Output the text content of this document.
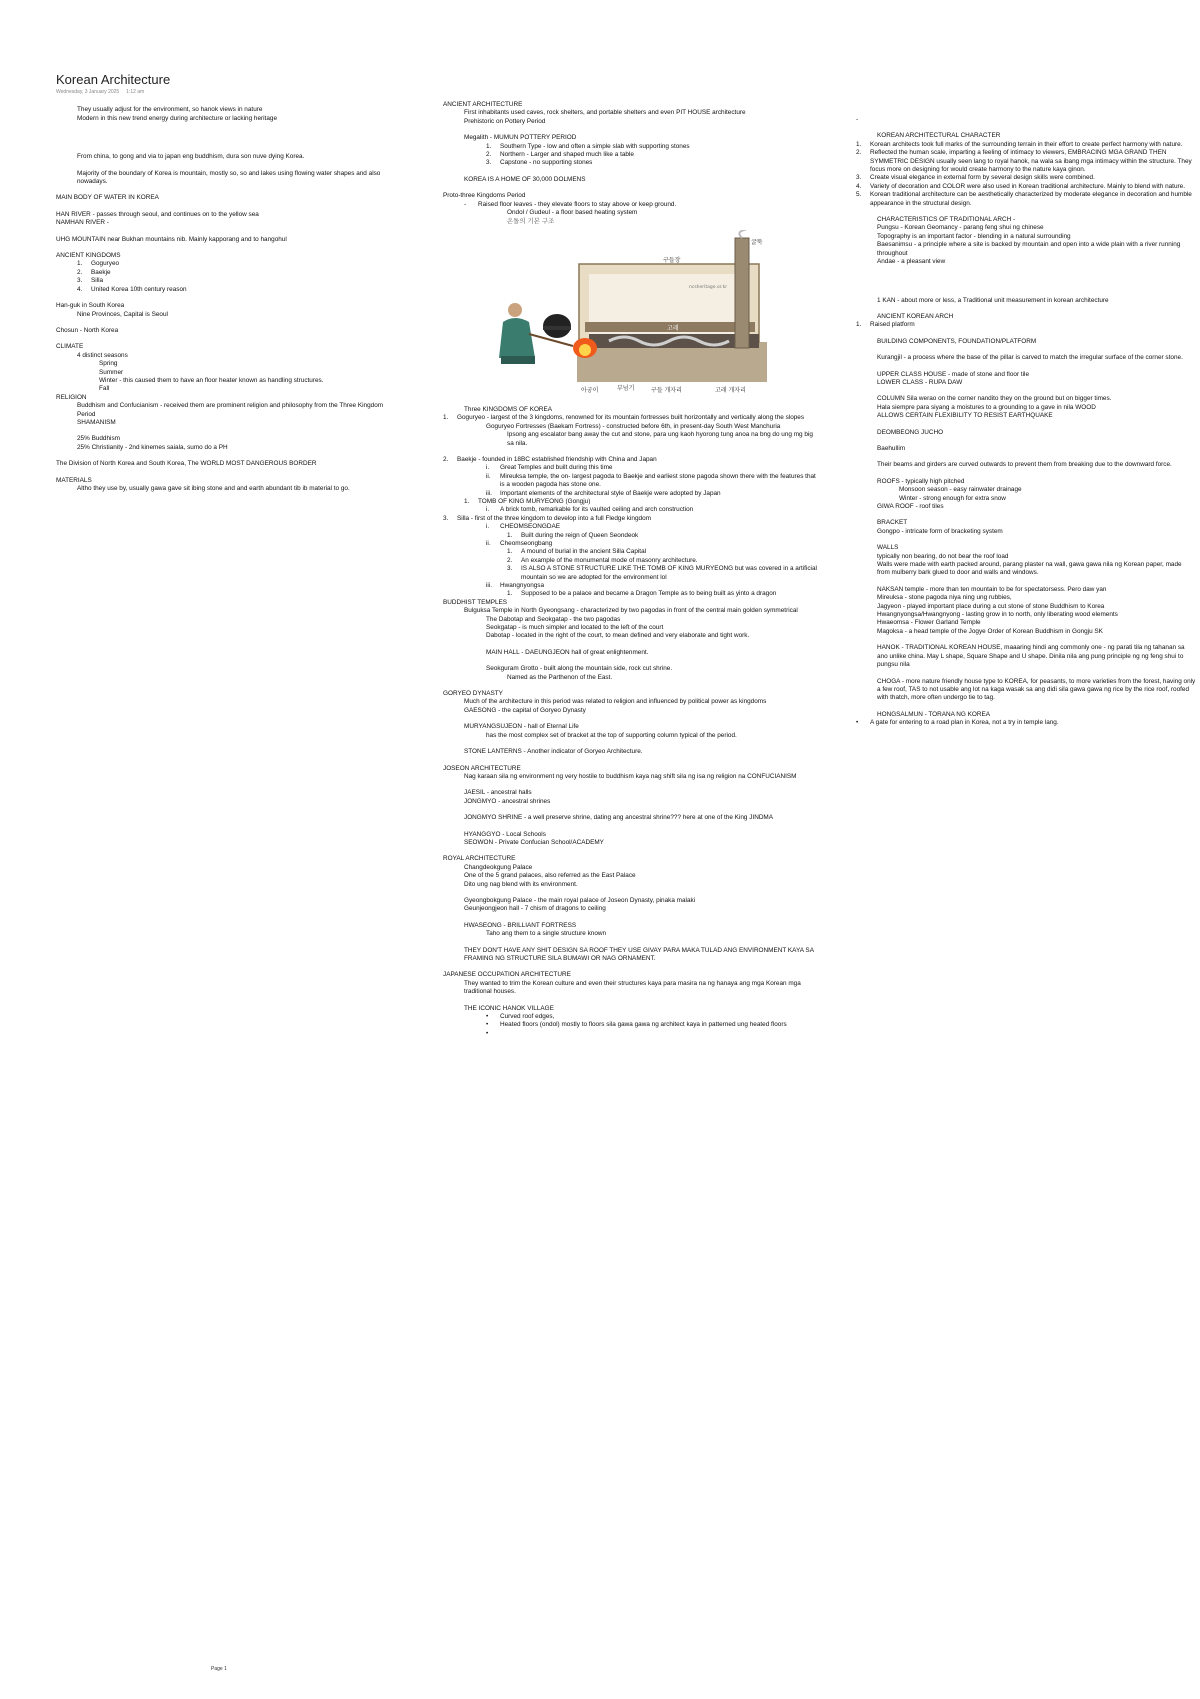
Korean Architecture
Wednesday, 3 January 2025 1:12 am

They usually adjust for the environment, so hanok views in nature

Modern in this new trend energy during architecture or lacking heritage

From china, to gong and via to japan eng buddhism, dura son nuve dying Korea.

Majority of the boundary of Korea is mountain, mostly so, so and lakes using flowing water shapes and also nowadays.

MAIN BODY OF WATER IN KOREA

HAN RIVER - passes through seoul, and continues on to the yellow sea

NAMHAN RIVER -

UHG MOUNTAIN near Bukhan mountains nib. Mainly kapporang and to hangohul

ANCIENT KINGDOMS

1.	Goguryeo
2.	Baekje
3.	Silla
4.	United Korea 10th century reason

Han-guk in South Korea

Nine Provinces, Capital is Seoul

Chosun - North Korea

CLIMATE

4 distinct seasons

Spring

Summer

Winter - this caused them to have an floor heater known as handling structures.

Fall

RELIGION

Buddhism and Confucianism - received them are prominent religion and philosophy from the Three Kingdom Period

SHAMANISM

25% Buddhism

25% Christianity - 2nd kinemes saiala, sumo do a PH

The Division of North Korea and South Korea, The WORLD MOST DANGEROUS BORDER

MATERIALS

Altho they use by, usually gawa gave sit ibing stone and and earth abundant tib ib material to go.

ANCIENT ARCHITECTURE

First inhabitants used caves, rock shelters, and portable shelters and even PIT HOUSE architecture

Prehistoric on Pottery Period

Megalith - MUMUN POTTERY PERIOD

1.	Southern Type - low and often a simple slab with supporting stones
2.	Northern - Larger and shaped much like a table
3.	Capstone - no supporting stones

KOREA IS A HOME OF 30,000 DOLMENS

Proto-three Kingdoms Period

-	Raised floor leaves - they elevate floors to stay above or keep ground.

Ondol / Gudeul - a floor based heating system

온돌의 기본 구조

구들장
굴뚝
ncsheritage.or.kr
고래
아궁이	부넘기	구들 개자리	고래 개자리

Three KINGDOMS OF KOREA

1.	Goguryeo - largest of the 3 kingdoms, renowned for its mountain fortresses built horizontally and vertically along the slopes

Goguryeo Fortresses (Baekam Fortress) - constructed before 6th, in present-day South West Manchuria

Ipsong ang escalator bang away the cut and stone, para ung kaoh hyorong tung anoa na bng do ung mg big sa nila.

2.	Baekje - founded in 18BC established friendship with China and Japan
i.	Great Temples and built during this time
ii.	Mireuksa temple, the on- largest pagoda to Baekje and earliest stone pagoda shown there with the features that is a wooden pagoda has stone one.
iii.	Important elements of the architectural style of Baekje were adopted by Japan
1.	TOMB OF KING MURYEONG (Gongju)
i.	A brick tomb, remarkable for its vaulted ceiling and arch construction
3.	Silla - first of the three kingdom to develop into a full Fledge kingdom
i.	CHEOMSEONGDAE
1.	Built during the reign of Queen Seondeok
ii.	Cheomseongbang
1.	A mound of burial in the ancient Silla Capital
2.	An example of the monumental mode of masonry architecture.
3.	IS ALSO A STONE STRUCTURE LIKE THE TOMB OF KING MURYEONG but was covered in a artificial mountain so we are adopted for the environment lol
iii.	Hwangnyongsa
1.	Supposed to be a palace and became a Dragon Temple as to being built as yinto a dragon

BUDDHIST TEMPLES

Bulguksa Temple in North Gyeongsang - characterized by two pagodas in front of the central main golden symmetrical

The Dabotap and Seokgatap - the two pagodas

Seokgatap - is much simpler and located to the left of the court

Dabotap - located in the right of the court, to mean defined and very elaborate and tight work.

MAIN HALL - DAEUNGJEON hall of great enlightenment.

Seokguram Grotto - built along the mountain side, rock cut shrine.

Named as the Parthenon of the East.

GORYEO DYNASTY

Much of the architecture in this period was related to religion and influenced by political power as kingdoms

GAESONG - the capital of Goryeo Dynasty

MURYANGSUJEON - hall of Eternal Life

has the most complex set of bracket at the top of supporting column typical of the period.

STONE LANTERNS - Another indicator of Goryeo Architecture.

JOSEON ARCHITECTURE

Nag karaan sila ng environment ng very hostile to buddhism kaya nag shift sila ng isa ng religion na CONFUCIANISM

JAESIL - ancestral halls

JONGMYO - ancestral shrines

JONGMYO SHRINE - a well preserve shrine, dating ang ancestral shrine??? here at one of the King JINDMA

HYANGGYO - Local Schools

SEOWON - Private Confucian School/ACADEMY

ROYAL ARCHITECTURE

Changdeokgung Palace

One of the 5 grand palaces, also referred as the East Palace

Dito ung nag blend with its environment.

Gyeongbokgung Palace - the main royal palace of Joseon Dynasty, pinaka malaki

Geunjeongjeon hall - 7 chism of dragons to ceiling

HWASEONG - BRILLIANT FORTRESS

Taho ang them to a single structure known

THEY DON'T HAVE ANY SHIT DESIGN SA ROOF THEY USE GIVAY PARA MAKA TULAD ANG ENVIRONMENT KAYA SA FRAMING NG STRUCTURE SILA BUMAWI OR NAG ORNAMENT.

JAPANESE OCCUPATION ARCHITECTURE

They wanted to trim the Korean culture and even their structures kaya para masira na ng hanaya ang mga Korean mga traditional houses.

THE ICONIC HANOK VILLAGE

•	Curved roof edges,
•	Heated floors (ondol) mostly to floors sila gawa gawa ng architect kaya in patterned ung heated floors
•

-

KOREAN ARCHITECTURAL CHARACTER

1.	Korean architects took full marks of the surrounding terrain in their effort to create perfect harmony with nature.
2.	Reflected the human scale, imparting a feeling of intimacy to viewers, EMBRACING MGA GRAND THEN SYMMETRIC DESIGN usually seen lang to royal hanok, na wala sa ibang mga intimacy within the structure. They focus more on designing for would create harmony to the nature kaya ginon.
3.	Create visual elegance in external form by several design skills were combined.
4.	Variety of decoration and COLOR were also used in Korean traditional architecture. Mainly to blend with nature.
5.	Korean traditional architecture can be aesthetically characterized by moderate elegance in decoration and humble appearance in the structural design.

CHARACTERISTICS OF TRADITIONAL ARCH -

Pungsu - Korean Geomancy - parang feng shui ng chinese

Topography is an important factor - blending in a natural surrounding

Baesanimsu - a principle where a site is backed by mountain and open into a wide plain with a river running throughout

Andae - a pleasant view

1 KAN - about more or less, a Traditional unit measurement in korean architecture

ANCIENT KOREAN ARCH

1.	Raised platform

BUILDING COMPONENTS, FOUNDATION/PLATFORM

Kurangjil - a process where the base of the pillar is carved to match the irregular surface of the corner stone.

UPPER CLASS HOUSE - made of stone and floor tile

LOWER CLASS - RUPA DAW

COLUMN Sila werao on the corner nandito they on the ground but on bigger times.

Hala siempre para siyang a moistures to a grounding to a gave in nila WOOD

ALLOWS CERTAIN FLEXIBILITY TO RESIST EARTHQUAKE

DEOMBEONG JUCHO

Baehullim

Their beams and girders are curved outwards to prevent them from breaking due to the downward force.

ROOFS - typically high pitched

Monsoon season - easy rainwater drainage

Winter - strong enough for extra snow

GIWA ROOF - roof tiles

BRACKET

Gongpo - intricate form of bracketing system

WALLS

typically non bearing, do not bear the roof load

Walls were made with earth packed around, parang plaster na wall, gawa gawa nila ng Korean paper, made from mulberry bark glued to door and walls and windows.

NAKSAN temple - more than ten mountain to be for spectatorsess. Pero daw yan

Mireuksa - stone pagoda niya ning ung rubbies,

Jagyeon - played important place during a cut stone of stone Buddhism to Korea

Hwangnyongsa/Hwangnyong - lasting grow in to north, only liberating wood elements

Hwaeomsa - Flower Garland Temple

Magoksa - a head temple of the Jogye Order of Korean Buddhism in Gongju SK

HANOK - TRADITIONAL KOREAN HOUSE, maaaring hindi ang commonly one - ng parati tila ng tahanan sa ano unlike china. May L shape, Square Shape and U shape. Dinila nila ang pung principle ng ng feng shui to pungsu nila

CHOGA - more nature friendly house type to KOREA, for peasants, to more varieties from the forest, having only a few roof, TAS to not usable ang lot na kaga wasak sa ang didi sila gawa gawa ng rice by the rice roof, roofed with thatch, more often undergo tie to tag.

HONGSALMUN - TORANA NG KOREA

•	A gate for entering to a road plan in Korea, not a try in temple lang.
Page 1
